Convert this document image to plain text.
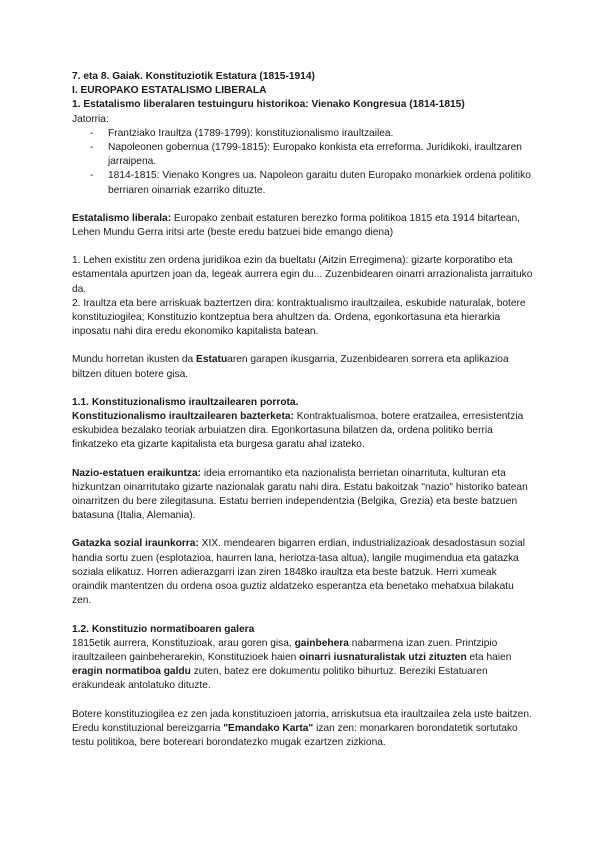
7. eta 8. Gaiak. Konstituziotik Estatura (1815-1914)

I. EUROPAKO ESTATALISMO LIBERALA

1. Estatalismo liberalaren testuinguru historikoa: Vienako Kongresua (1814-1815)

Jatorria:

- Frantziako Iraultza (1789-1799): konstituzionalismo iraultzailea.
- Napoleonen gobernua (1799-1815): Europako konkista eta erreforma. Juridikoki, iraultzaren jarraipena.
- 1814-1815: Vienako Kongres ua. Napoleon garaitu duten Europako monarkiek ordena politiko berriaren oinarriak ezarriko dituzte.

Estatalismo liberala: Europako zenbait estaturen berezko forma politikoa 1815 eta 1914 bitartean, Lehen Mundu Gerra iritsi arte (beste eredu batzuei bide emango diena)

1. Lehen existitu zen ordena juridikoa ezin da bueltatu (Aitzin Erregimena): gizarte korporatibo eta estamentala apurtzen joan da, legeak aurrera egin du... Zuzenbidearen oinarri arrazionalista jarraituko da.

2. Iraultza eta bere arriskuak baztertzen dira: kontraktualismo iraultzailea, eskubide naturalak, botere konstituziogilea; Konstituzio kontzeptua bera ahultzen da. Ordena, egonkortasuna eta hierarkia inposatu nahi dira eredu ekonomiko kapitalista batean.

Mundu horretan ikusten da Estatuaren garapen ikusgarria, Zuzenbidearen sorrera eta aplikazioa biltzen dituen botere gisa.

1.1. Konstituzionalismo iraultzailearen porrota.

Konstituzionalismo iraultzailearen bazterketa: Kontraktualismoa, botere eratzailea, erresistentzia eskubidea bezalako teoriak arbuiatzen dira. Egonkortasuna bilatzen da, ordena politiko berria finkatzeko eta gizarte kapitalista eta burgesa garatu ahal izateko.

Nazio-estatuen eraikuntza: ideia erromantiko eta nazionalista berrietan oinarrituta, kulturan eta hizkuntzan oinarritutako gizarte nazionalak garatu nahi dira. Estatu bakoitzak "nazio" historiko batean oinarritzen du bere zilegitasuna. Estatu berrien independentzia (Belgika, Grezia) eta beste batzuen batasuna (Italia, Alemania).

Gatazka sozial iraunkorra: XIX. mendearen bigarren erdian, industrializazioak desadostasun sozial handia sortu zuen (esplotazioa, haurren lana, heriotza-tasa altua), langile mugimendua eta gatazka soziala elikatuz. Horren adierazgarri izan ziren 1848ko iraultza eta beste batzuk. Herri xumeak oraindik mantentzen du ordena osoa guztiz aldatzeko esperantza eta benetako mehatxua bilakatu zen.

1.2. Konstituzio normatiboaren galera

1815etik aurrera, Konstituzioak, arau goren gisa, gainbehera nabarmena izan zuen. Printzipio iraultzaileen gainbeherarekin, Konstituzioek haien oinarri iusnaturalistak utzi zituzten eta haien eragin normatiboa galdu zuten, batez ere dokumentu politiko bihurtuz. Bereziki Estatuaren erakundeak antolatuko dituzte.

Botere konstituziogilea ez zen jada konstituzioen jatorria, arriskutsua eta iraultzailea zela uste baitzen. Eredu konstituzional bereizgarria "Emandako Karta" izan zen: monarkaren borondatetik sortutako testu politikoa, bere botereari borondatezko mugak ezartzen zizkiona.
